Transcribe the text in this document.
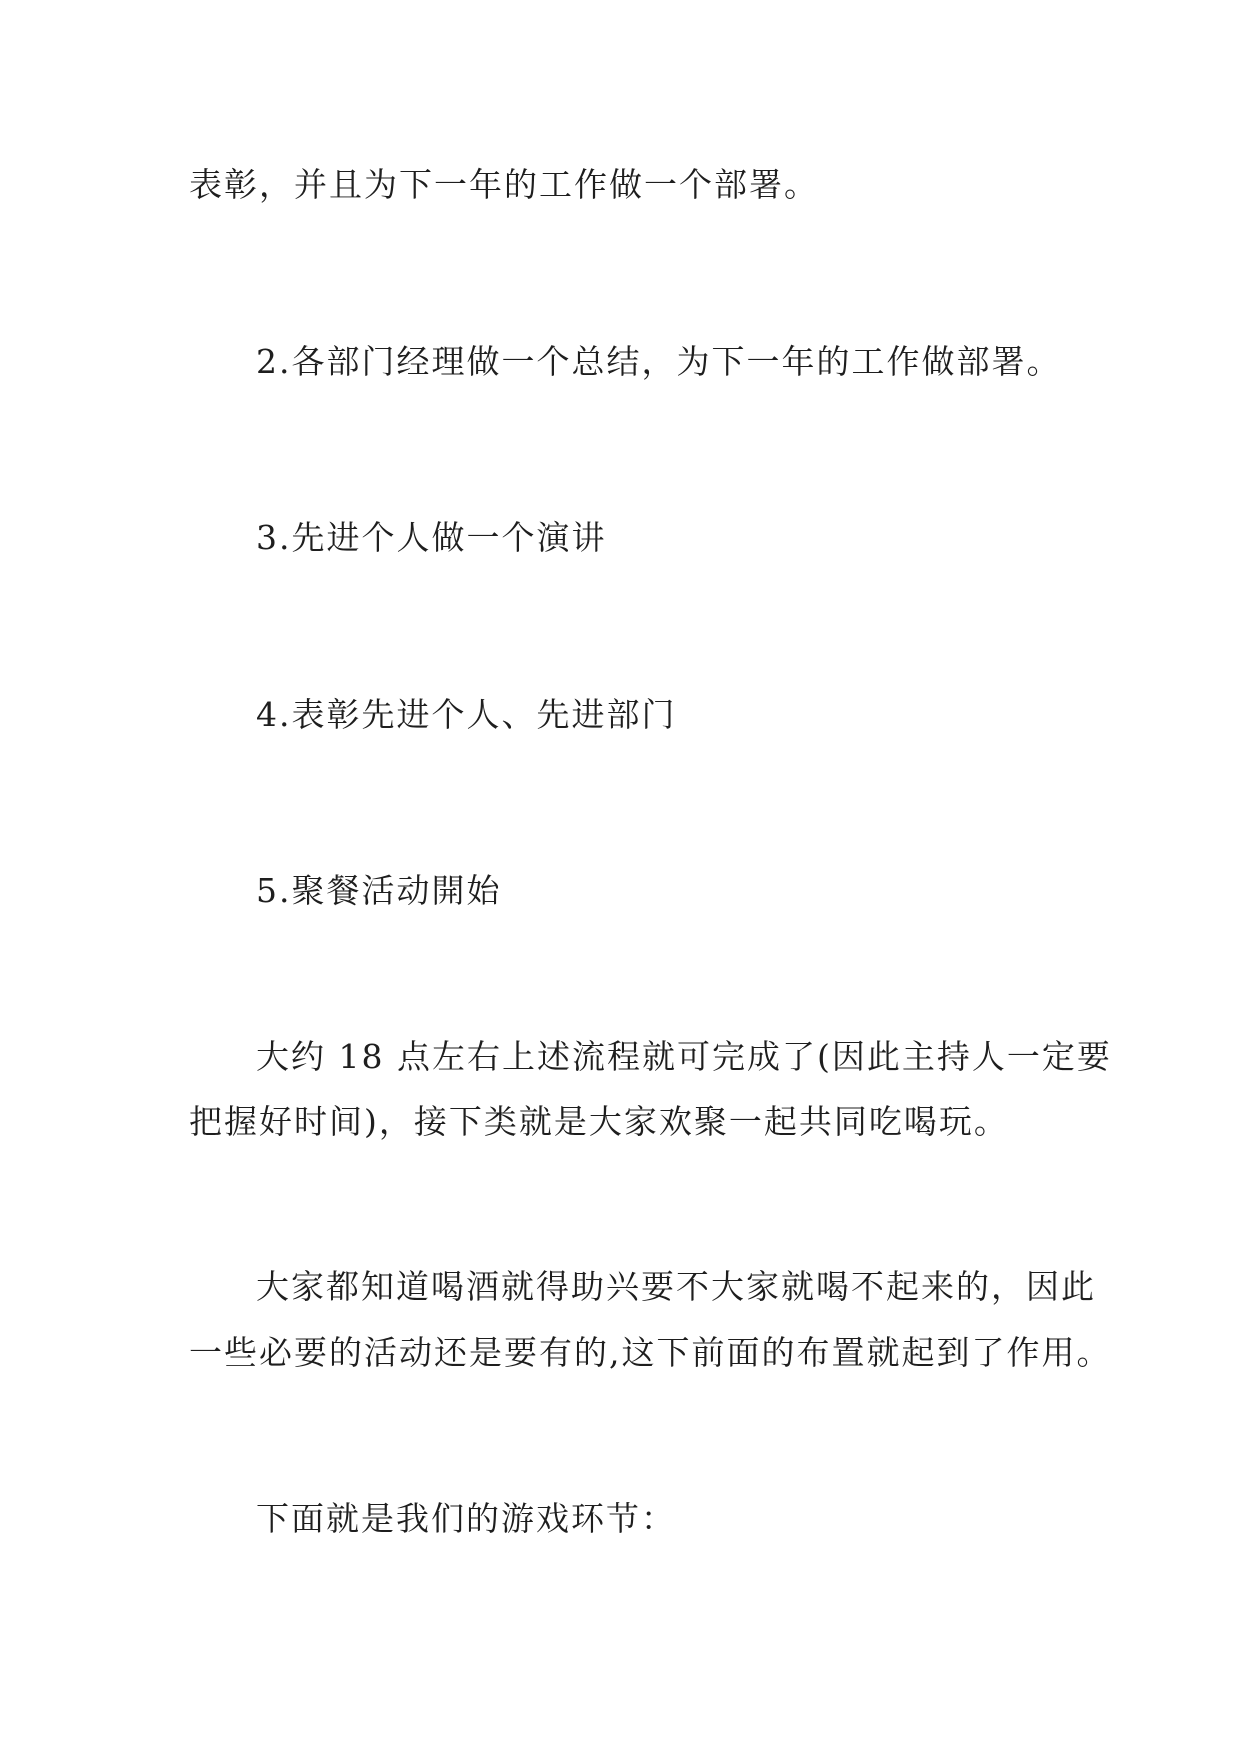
表彰，并且为下一年的工作做一个部署。
2.各部门经理做一个总结，为下一年的工作做部署。
3.先进个人做一个演讲
4.表彰先进个人、先进部门
5.聚餐活动開始
大约 18 点左右上述流程就可完成了(因此主持人一定要
把握好时间)，接下类就是大家欢聚一起共同吃喝玩。
大家都知道喝酒就得助兴要不大家就喝不起来的，因此
一些必要的活动还是要有的,这下前面的布置就起到了作用。
下面就是我们的游戏环节：
